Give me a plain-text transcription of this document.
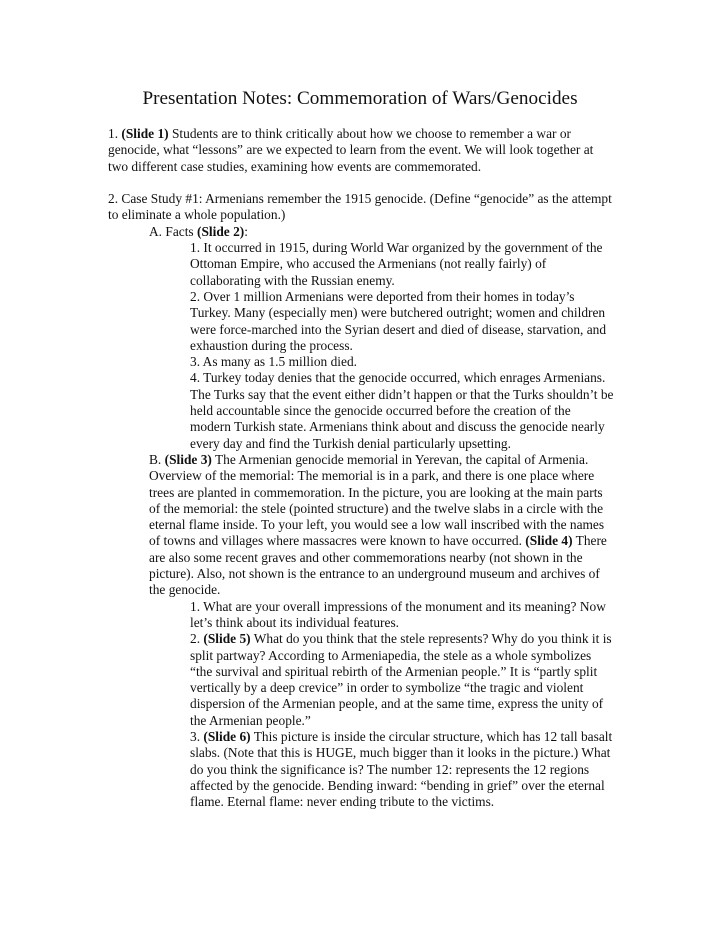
Presentation Notes: Commemoration of Wars/Genocides

1. (Slide 1) Students are to think critically about how we choose to remember a war or genocide, what “lessons” are we expected to learn from the event. We will look together at two different case studies, examining how events are commemorated.

2. Case Study #1: Armenians remember the 1915 genocide. (Define “genocide” as the attempt to eliminate a whole population.)

A. Facts (Slide 2):

1. It occurred in 1915, during World War organized by the government of the Ottoman Empire, who accused the Armenians (not really fairly) of collaborating with the Russian enemy.

2. Over 1 million Armenians were deported from their homes in today’s Turkey. Many (especially men) were butchered outright; women and children were force-marched into the Syrian desert and died of disease, starvation, and exhaustion during the process.

3. As many as 1.5 million died.

4. Turkey today denies that the genocide occurred, which enrages Armenians. The Turks say that the event either didn’t happen or that the Turks shouldn’t be held accountable since the genocide occurred before the creation of the modern Turkish state. Armenians think about and discuss the genocide nearly every day and find the Turkish denial particularly upsetting.

B. (Slide 3) The Armenian genocide memorial in Yerevan, the capital of Armenia. Overview of the memorial: The memorial is in a park, and there is one place where trees are planted in commemoration. In the picture, you are looking at the main parts of the memorial: the stele (pointed structure) and the twelve slabs in a circle with the eternal flame inside. To your left, you would see a low wall inscribed with the names of towns and villages where massacres were known to have occurred. (Slide 4) There are also some recent graves and other commemorations nearby (not shown in the picture). Also, not shown is the entrance to an underground museum and archives of the genocide.

1. What are your overall impressions of the monument and its meaning? Now let’s think about its individual features.

2. (Slide 5) What do you think that the stele represents? Why do you think it is split partway? According to Armeniapedia, the stele as a whole symbolizes “the survival and spiritual rebirth of the Armenian people.” It is “partly split vertically by a deep crevice” in order to symbolize “the tragic and violent dispersion of the Armenian people, and at the same time, express the unity of the Armenian people.”

3. (Slide 6) This picture is inside the circular structure, which has 12 tall basalt slabs. (Note that this is HUGE, much bigger than it looks in the picture.) What do you think the significance is? The number 12: represents the 12 regions affected by the genocide. Bending inward: “bending in grief” over the eternal flame. Eternal flame: never ending tribute to the victims.
